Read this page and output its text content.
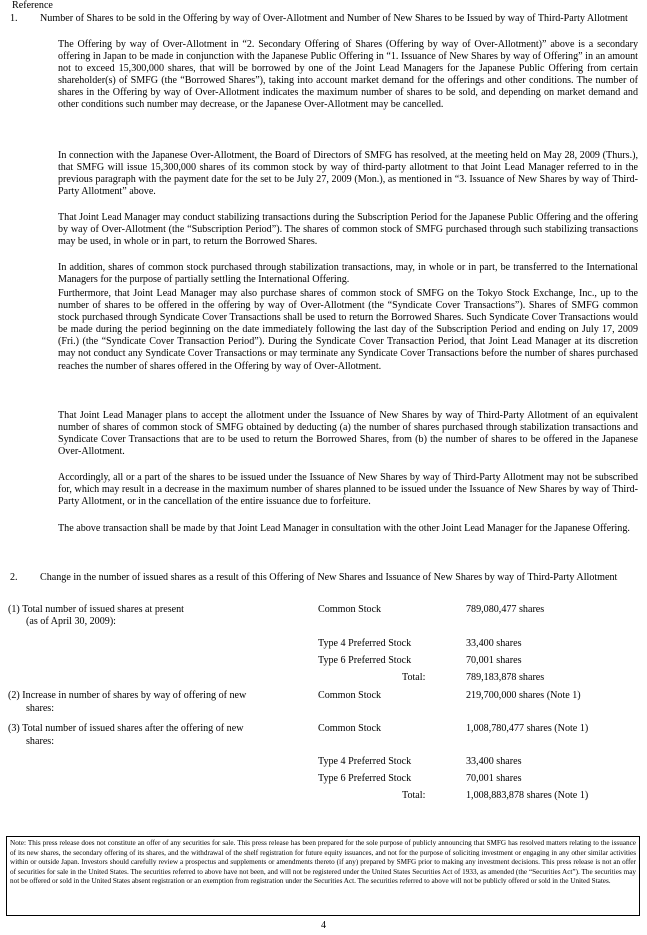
Reference
1. Number of Shares to be sold in the Offering by way of Over-Allotment and Number of New Shares to be Issued by way of Third-Party Allotment
The Offering by way of Over-Allotment in “2. Secondary Offering of Shares (Offering by way of Over-Allotment)” above is a secondary offering in Japan to be made in conjunction with the Japanese Public Offering in “1. Issuance of New Shares by way of Offering” in an amount not to exceed 15,300,000 shares, that will be borrowed by one of the Joint Lead Managers for the Japanese Public Offering from certain shareholder(s) of SMFG (the “Borrowed Shares”), taking into account market demand for the offerings and other conditions. The number of shares in the Offering by way of Over-Allotment indicates the maximum number of shares to be sold, and depending on market demand and other conditions such number may decrease, or the Japanese Over-Allotment may be cancelled.
In connection with the Japanese Over-Allotment, the Board of Directors of SMFG has resolved, at the meeting held on May 28, 2009 (Thurs.), that SMFG will issue 15,300,000 shares of its common stock by way of third-party allotment to that Joint Lead Manager referred to in the previous paragraph with the payment date for the set to be July 27, 2009 (Mon.), as mentioned in “3. Issuance of New Shares by way of Third-Party Allotment” above.
That Joint Lead Manager may conduct stabilizing transactions during the Subscription Period for the Japanese Public Offering and the offering by way of Over-Allotment (the “Subscription Period”). The shares of common stock of SMFG purchased through such stabilizing transactions may be used, in whole or in part, to return the Borrowed Shares.
In addition, shares of common stock purchased through stabilization transactions, may, in whole or in part, be transferred to the International Managers for the purpose of partially settling the International Offering.
Furthermore, that Joint Lead Manager may also purchase shares of common stock of SMFG on the Tokyo Stock Exchange, Inc., up to the number of shares to be offered in the offering by way of Over-Allotment (the “Syndicate Cover Transactions”). Shares of SMFG common stock purchased through Syndicate Cover Transactions shall be used to return the Borrowed Shares. Such Syndicate Cover Transactions would be made during the period beginning on the date immediately following the last day of the Subscription Period and ending on July 17, 2009 (Fri.) (the “Syndicate Cover Transaction Period”). During the Syndicate Cover Transaction Period, that Joint Lead Manager at its discretion may not conduct any Syndicate Cover Transactions or may terminate any Syndicate Cover Transactions before the number of shares purchased reaches the number of shares offered in the Offering by way of Over-Allotment.
That Joint Lead Manager plans to accept the allotment under the Issuance of New Shares by way of Third-Party Allotment of an equivalent number of shares of common stock of SMFG obtained by deducting (a) the number of shares purchased through stabilization transactions and Syndicate Cover Transactions that are to be used to return the Borrowed Shares, from (b) the number of shares to be offered in the Japanese Over-Allotment.
Accordingly, all or a part of the shares to be issued under the Issuance of New Shares by way of Third-Party Allotment may not be subscribed for, which may result in a decrease in the maximum number of shares planned to be issued under the Issuance of New Shares by way of Third-Party Allotment, or in the cancellation of the entire issuance due to forfeiture.
The above transaction shall be made by that Joint Lead Manager in consultation with the other Joint Lead Manager for the Japanese Offering.
2. Change in the number of issued shares as a result of this Offering of New Shares and Issuance of New Shares by way of Third-Party Allotment
(1) Total number of issued shares at present	Common Stock	789,080,477 shares
(as of April 30, 2009):
Type 4 Preferred Stock	33,400 shares
Type 6 Preferred Stock	70,001 shares
Total:	789,183,878 shares
(2) Increase in number of shares by way of offering of new	Common Stock	219,700,000 shares (Note 1)
shares:
(3) Total number of issued shares after the offering of new	Common Stock	1,008,780,477 shares (Note 1)
shares:
Type 4 Preferred Stock	33,400 shares
Type 6 Preferred Stock	70,001 shares
Total:	1,008,883,878 shares (Note 1)
Note: This press release does not constitute an offer of any securities for sale. This press release has been prepared for the sole purpose of publicly announcing that SMFG has resolved matters relating to the issuance of its new shares, the secondary offering of its shares, and the withdrawal of the shelf registration for future equity issuances, and not for the purpose of soliciting investment or engaging in any other similar activities within or outside Japan. Investors should carefully review a prospectus and supplements or amendments thereto (if any) prepared by SMFG prior to making any investment decisions. This press release is not an offer of securities for sale in the United States. The securities referred to above have not been, and will not be registered under the United States Securities Act of 1933, as amended (the “Securities Act”). The securities may not be offered or sold in the United States absent registration or an exemption from registration under the Securities Act. The securities referred to above will not be publicly offered or sold in the United States.
4
